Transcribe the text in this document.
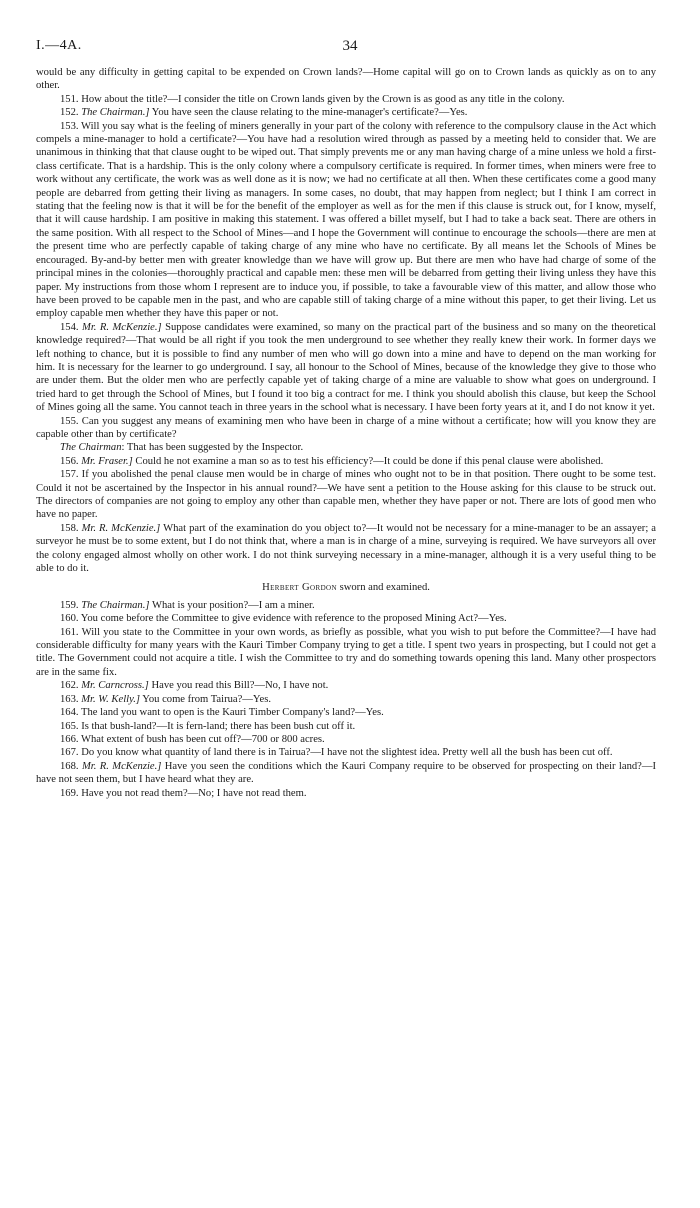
I.—4A.	34

would be any difficulty in getting capital to be expended on Crown lands?—Home capital will go on to Crown lands as quickly as on to any other.

151. How about the title?—I consider the title on Crown lands given by the Crown is as good as any title in the colony.

152. The Chairman.] You have seen the clause relating to the mine-manager's certificate?—Yes.

153. Will you say what is the feeling of miners generally in your part of the colony with reference to the compulsory clause in the Act which compels a mine-manager to hold a certificate?—You have had a resolution wired through as passed by a meeting held to consider that. We are unanimous in thinking that that clause ought to be wiped out. That simply prevents me or any man having charge of a mine unless we hold a first-class certificate. That is a hardship. This is the only colony where a compulsory certificate is required. In former times, when miners were free to work without any certificate, the work was as well done as it is now; we had no certificate at all then. When these certificates come a good many people are debarred from getting their living as managers. In some cases, no doubt, that may happen from neglect; but I think I am correct in stating that the feeling now is that it will be for the benefit of the employer as well as for the men if this clause is struck out, for I know, myself, that it will cause hardship. I am positive in making this statement. I was offered a billet myself, but I had to take a back seat. There are others in the same position. With all respect to the School of Mines—and I hope the Government will continue to encourage the schools—there are men at the present time who are perfectly capable of taking charge of any mine who have no certificate. By all means let the Schools of Mines be encouraged. By-and-by better men with greater knowledge than we have will grow up. But there are men who have had charge of some of the principal mines in the colonies—thoroughly practical and capable men: these men will be debarred from getting their living unless they have this paper. My instructions from those whom I represent are to induce you, if possible, to take a favourable view of this matter, and allow those who have been proved to be capable men in the past, and who are capable still of taking charge of a mine without this paper, to get their living. Let us employ capable men whether they have this paper or not.

154. Mr. R. McKenzie.] Suppose candidates were examined, so many on the practical part of the business and so many on the theoretical knowledge required?—That would be all right if you took the men underground to see whether they really knew their work. In former days we left nothing to chance, but it is possible to find any number of men who will go down into a mine and have to depend on the man working for him. It is necessary for the learner to go underground. I say, all honour to the School of Mines, because of the knowledge they give to those who are under them. But the older men who are perfectly capable yet of taking charge of a mine are valuable to show what goes on underground. I tried hard to get through the School of Mines, but I found it too big a contract for me. I think you should abolish this clause, but keep the School of Mines going all the same. You cannot teach in three years in the school what is necessary. I have been forty years at it, and I do not know it yet.

155. Can you suggest any means of examining men who have been in charge of a mine without a certificate; how will you know they are capable other than by certificate?

The Chairman: That has been suggested by the Inspector.

156. Mr. Fraser.] Could he not examine a man so as to test his efficiency?—It could be done if this penal clause were abolished.

157. If you abolished the penal clause men would be in charge of mines who ought not to be in that position. There ought to be some test. Could it not be ascertained by the Inspector in his annual round?—We have sent a petition to the House asking for this clause to be struck out. The directors of companies are not going to employ any other than capable men, whether they have paper or not. There are lots of good men who have no paper.

158. Mr. R. McKenzie.] What part of the examination do you object to?—It would not be necessary for a mine-manager to be an assayer; a surveyor he must be to some extent, but I do not think that, where a man is in charge of a mine, surveying is required. We have surveyors all over the colony engaged almost wholly on other work. I do not think surveying necessary in a mine-manager, although it is a very useful thing to be able to do it.

Herbert Gordon sworn and examined.

159. The Chairman.] What is your position?—I am a miner.

160. You come before the Committee to give evidence with reference to the proposed Mining Act?—Yes.

161. Will you state to the Committee in your own words, as briefly as possible, what you wish to put before the Committee?—I have had considerable difficulty for many years with the Kauri Timber Company trying to get a title. I spent two years in prospecting, but I could not get a title. The Government could not acquire a title. I wish the Committee to try and do something towards opening this land. Many other prospectors are in the same fix.

162. Mr. Carncross.] Have you read this Bill?—No, I have not.

163. Mr. W. Kelly.] You come from Tairua?—Yes.

164. The land you want to open is the Kauri Timber Company's land?—Yes.

165. Is that bush-land?—It is fern-land; there has been bush cut off it.

166. What extent of bush has been cut off?—700 or 800 acres.

167. Do you know what quantity of land there is in Tairua?—I have not the slightest idea. Pretty well all the bush has been cut off.

168. Mr. R. McKenzie.] Have you seen the conditions which the Kauri Company require to be observed for prospecting on their land?—I have not seen them, but I have heard what they are.

169. Have you not read them?—No; I have not read them.
